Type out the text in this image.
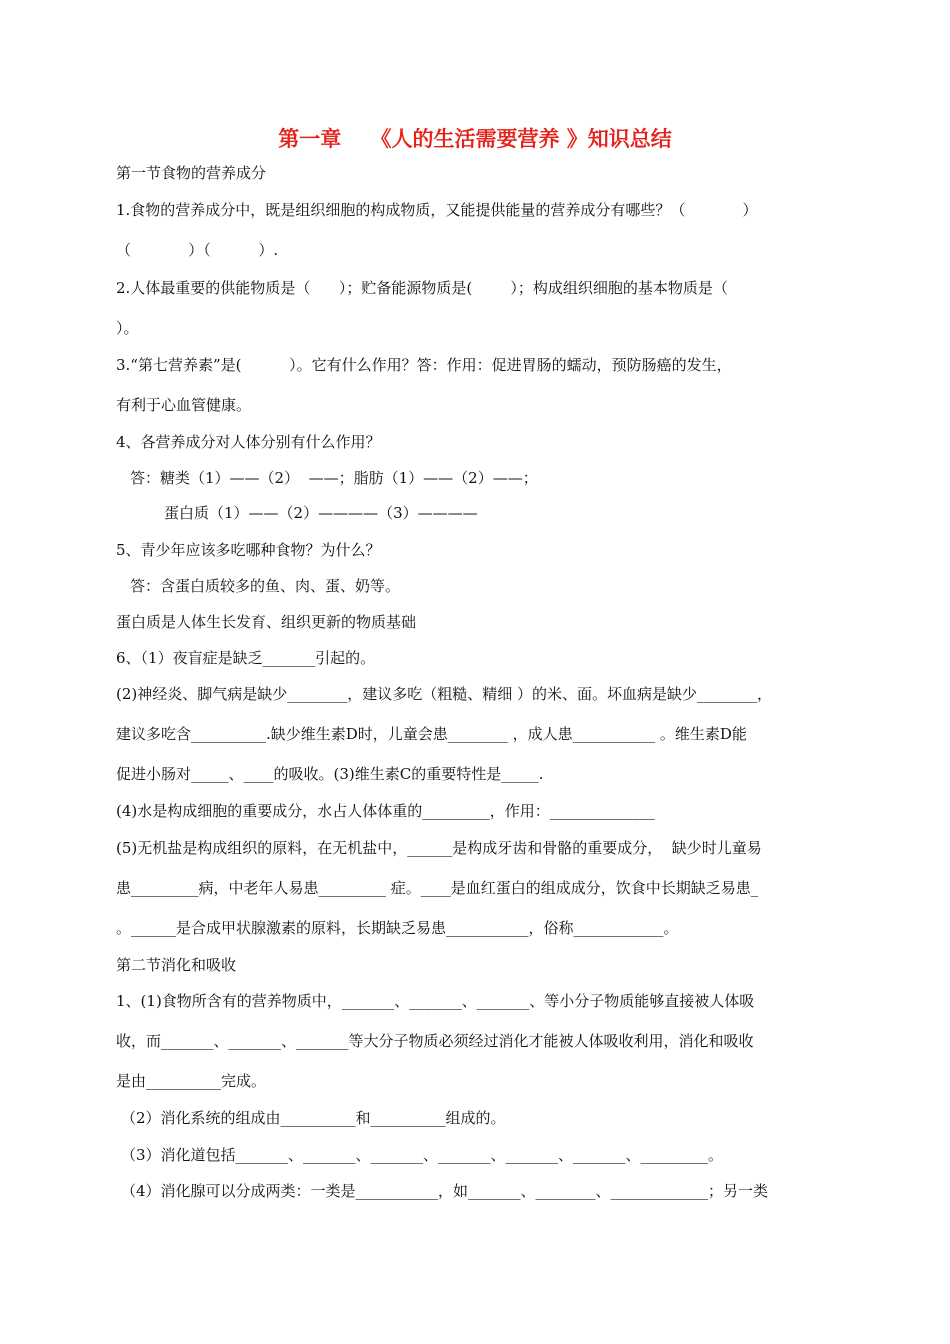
第一章    《人的生活需要营养 》知识总结
第一节食物的营养成分
1.食物的营养成分中，既是组织细胞的构成物质，又能提供能量的营养成分有哪些？（            ）
（            ）（          ）.
2.人体最重要的供能物质是（      ）；贮备能源物质是(        ）；构成组织细胞的基本物质是（
）。
3.“第七营养素”是(          ）。它有什么作用？答：作用：促进胃肠的蠕动，预防肠癌的发生，
有利于心血管健康。
4、各营养成分对人体分别有什么作用？
答：糖类（1）——（2）  ——；脂肪（1）——（2）——；
蛋白质（1）——（2）————（3）————
5、青少年应该多吃哪种食物？为什么？
答：含蛋白质较多的鱼、肉、蛋、奶等。
蛋白质是人体生长发育、组织更新的物质基础
6、（1）夜盲症是缺乏_______引起的。
(2)神经炎、脚气病是缺少________，建议多吃（粗糙、精细 ）的米、面。坏血病是缺少________，
建议多吃含__________.缺少维生素D时，儿童会患________ ，成人患___________ 。维生素D能
促进小肠对_____、____的吸收。(3)维生素C的重要特性是_____.
(4)水是构成细胞的重要成分，水占人体体重的_________，作用：______________
(5)无机盐是构成组织的原料，在无机盐中，______是构成牙齿和骨骼的重要成分，  缺少时儿童易
患_________病，中老年人易患_________ 症。____是血红蛋白的组成成分，饮食中长期缺乏易患_
。______是合成甲状腺激素的原料，长期缺乏易患___________，俗称____________。
第二节消化和吸收
1、(1)食物所含有的营养物质中，_______、_______、_______、等小分子物质能够直接被人体吸
收，而_______、_______、_______等大分子物质必须经过消化才能被人体吸收利用，消化和吸收
是由__________完成。
（2）消化系统的组成由__________和__________组成的。
（3）消化道包括_______、_______、_______、_______、_______、_______、_________。
（4）消化腺可以分成两类：一类是___________，如_______、________、_____________；另一类
